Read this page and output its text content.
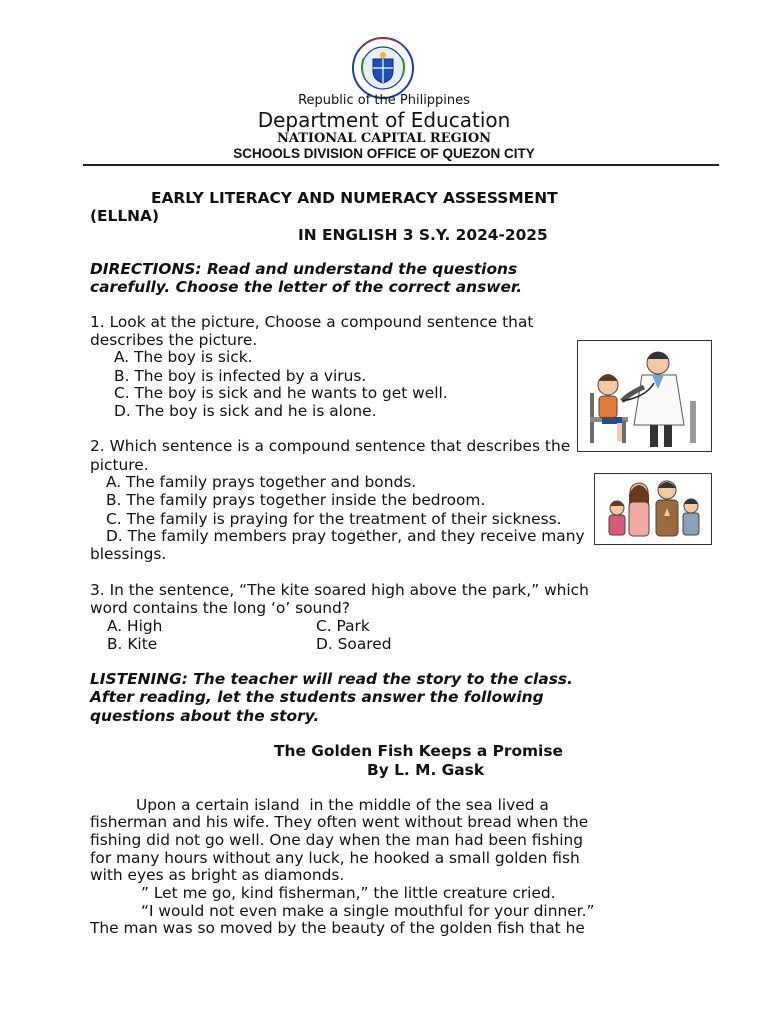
Republic of the Philippines
Department of Education
NATIONAL CAPITAL REGION
SCHOOLS DIVISION OFFICE OF QUEZON CITY
EARLY LITERACY AND NUMERACY ASSESSMENT
(ELLNA)
IN ENGLISH 3 S.Y. 2024-2025
DIRECTIONS: Read and understand the questions
carefully. Choose the letter of the correct answer.
1. Look at the picture, Choose a compound sentence that
describes the picture.
A. The boy is sick.
B. The boy is infected by a virus.
C. The boy is sick and he wants to get well.
D. The boy is sick and he is alone.
2. Which sentence is a compound sentence that describes the
picture.
A. The family prays together and bonds.
B. The family prays together inside the bedroom.
C. The family is praying for the treatment of their sickness.
D. The family members pray together, and they receive many
blessings.
3. In the sentence, “The kite soared high above the park,” which
word contains the long ‘o’ sound?
A. High	C. Park
B. Kite	D. Soared
LISTENING: The teacher will read the story to the class.
After reading, let the students answer the following
questions about the story.
The Golden Fish Keeps a Promise
By L. M. Gask
Upon a certain island  in the middle of the sea lived a
fisherman and his wife. They often went without bread when the
fishing did not go well. One day when the man had been fishing
for many hours without any luck, he hooked a small golden fish
with eyes as bright as diamonds.
” Let me go, kind fisherman,” the little creature cried.
“I would not even make a single mouthful for your dinner.”
The man was so moved by the beauty of the golden fish that he
